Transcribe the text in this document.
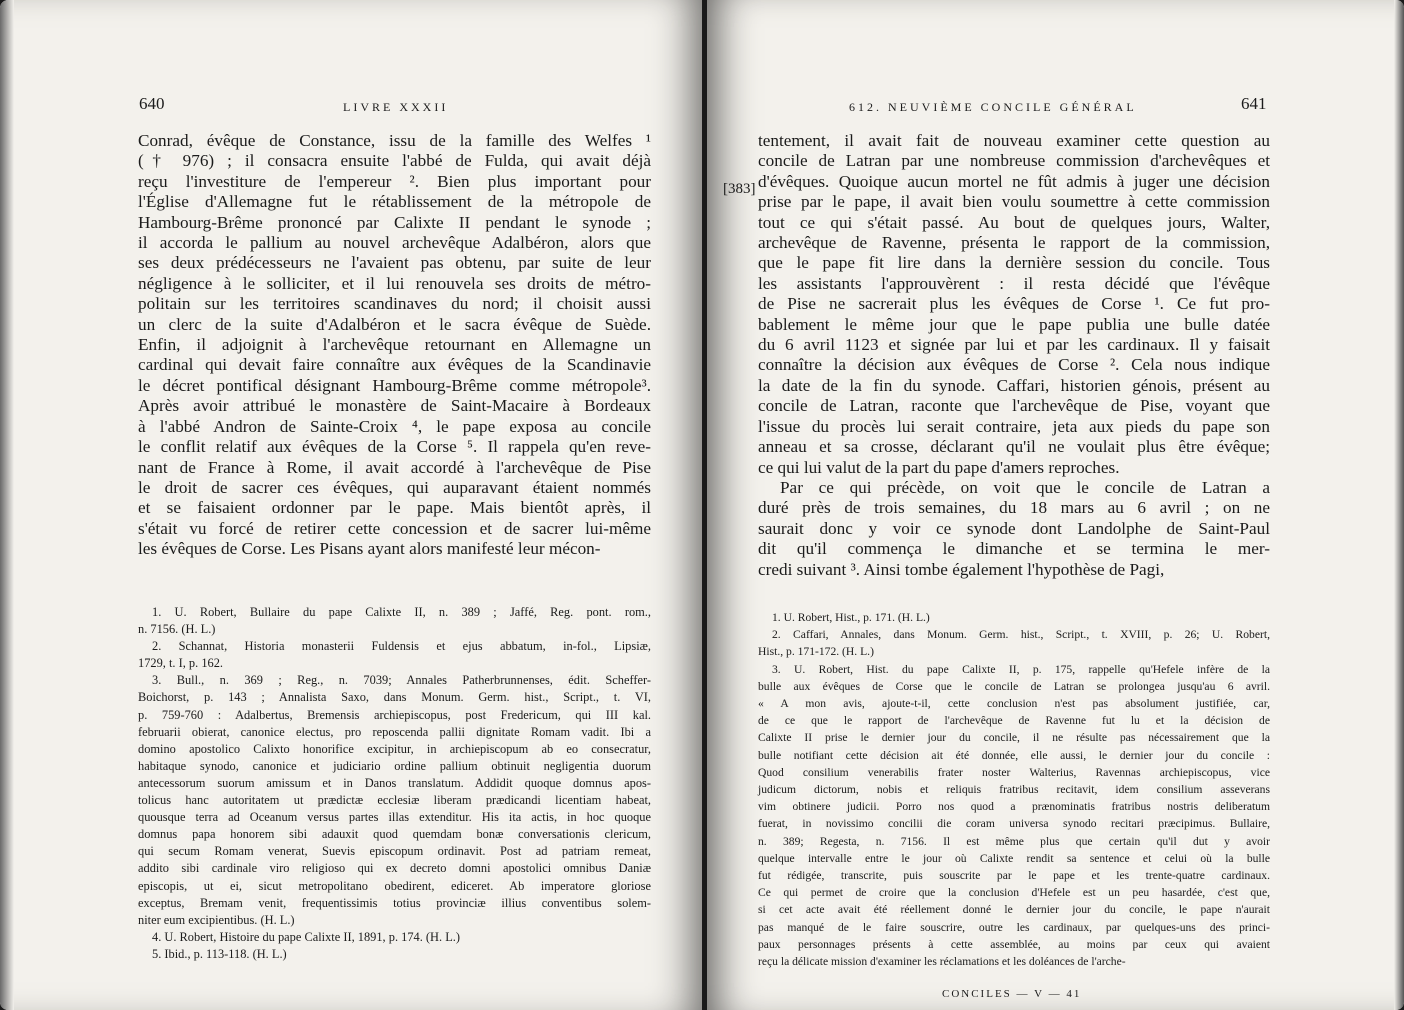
640	LIVRE XXXII
Conrad, évêque de Constance, issu de la famille des Welfes ¹
(† 976) ; il consacra ensuite l'abbé de Fulda, qui avait déjà
reçu l'investiture de l'empereur ². Bien plus important pour
l'Église d'Allemagne fut le rétablissement de la métropole de
Hambourg-Brême prononcé par Calixte II pendant le synode ;
il accorda le pallium au nouvel archevêque Adalbéron, alors que
ses deux prédécesseurs ne l'avaient pas obtenu, par suite de leur
négligence à le solliciter, et il lui renouvela ses droits de métro-
politain sur les territoires scandinaves du nord; il choisit aussi
un clerc de la suite d'Adalbéron et le sacra évêque de Suède.
Enfin, il adjoignit à l'archevêque retournant en Allemagne un
cardinal qui devait faire connaître aux évêques de la Scandinavie
le décret pontifical désignant Hambourg-Brême comme métropole³.
Après avoir attribué le monastère de Saint-Macaire à Bordeaux
à l'abbé Andron de Sainte-Croix ⁴, le pape exposa au concile
le conflit relatif aux évêques de la Corse ⁵. Il rappela qu'en reve-
nant de France à Rome, il avait accordé à l'archevêque de Pise
le droit de sacrer ces évêques, qui auparavant étaient nommés
et se faisaient ordonner par le pape. Mais bientôt après, il
s'était vu forcé de retirer cette concession et de sacrer lui-même
les évêques de Corse. Les Pisans ayant alors manifesté leur mécon-
1. U. Robert, Bullaire du pape Calixte II, n. 389 ; Jaffé, Reg. pont. rom.,
n. 7156. (H. L.)
2. Schannat, Historia monasterii Fuldensis et ejus abbatum, in-fol., Lipsiæ,
1729, t. I, p. 162.
3. Bull., n. 369 ; Reg., n. 7039; Annales Patherbrunnenses, édit. Scheffer-
Boichorst, p. 143 ; Annalista Saxo, dans Monum. Germ. hist., Script., t. VI,
p. 759-760 : Adalbertus, Bremensis archiepiscopus, post Fredericum, qui III kal.
februarii obierat, canonice electus, pro reposcenda pallii dignitate Romam vadit. Ibi a
domino apostolico Calixto honorifice excipitur, in archiepiscopum ab eo consecratur,
habitaque synodo, canonice et judiciario ordine pallium obtinuit negligentia duorum
antecessorum suorum amissum et in Danos translatum. Addidit quoque domnus apos-
tolicus hanc autoritatem ut prædictæ ecclesiæ liberam prædicandi licentiam habeat,
quousque terra ad Oceanum versus partes illas extenditur. His ita actis, in hoc quoque
domnus papa honorem sibi adauxit quod quemdam bonæ conversationis clericum,
qui secum Romam venerat, Suevis episcopum ordinavit. Post ad patriam remeat,
addito sibi cardinale viro religioso qui ex decreto domni apostolici omnibus Daniæ
episcopis, ut ei, sicut metropolitano obedirent, ediceret. Ab imperatore gloriose
exceptus, Bremam venit, frequentissimis totius provinciæ illius conventibus solem-
niter eum excipientibus. (H. L.)
4. U. Robert, Histoire du pape Calixte II, 1891, p. 174. (H. L.)
5. Ibid., p. 113-118. (H. L.)
612. NEUVIÈME CONCILE GÉNÉRAL	641
[383]
tentement, il avait fait de nouveau examiner cette question au
concile de Latran par une nombreuse commission d'archevêques et
d'évêques. Quoique aucun mortel ne fût admis à juger une décision
prise par le pape, il avait bien voulu soumettre à cette commission
tout ce qui s'était passé. Au bout de quelques jours, Walter,
archevêque de Ravenne, présenta le rapport de la commission,
que le pape fit lire dans la dernière session du concile. Tous
les assistants l'approuvèrent : il resta décidé que l'évêque
de Pise ne sacrerait plus les évêques de Corse ¹. Ce fut pro-
bablement le même jour que le pape publia une bulle datée
du 6 avril 1123 et signée par lui et par les cardinaux. Il y faisait
connaître la décision aux évêques de Corse ². Cela nous indique
la date de la fin du synode. Caffari, historien génois, présent au
concile de Latran, raconte que l'archevêque de Pise, voyant que
l'issue du procès lui serait contraire, jeta aux pieds du pape son
anneau et sa crosse, déclarant qu'il ne voulait plus être évêque;
ce qui lui valut de la part du pape d'amers reproches.
Par ce qui précède, on voit que le concile de Latran a
duré près de trois semaines, du 18 mars au 6 avril ; on ne
saurait donc y voir ce synode dont Landolphe de Saint-Paul
dit qu'il commença le dimanche et se termina le mer-
credi suivant ³. Ainsi tombe également l'hypothèse de Pagi,
1. U. Robert, Hist., p. 171. (H. L.)
2. Caffari, Annales, dans Monum. Germ. hist., Script., t. XVIII, p. 26; U. Robert,
Hist., p. 171-172. (H. L.)
3. U. Robert, Hist. du pape Calixte II, p. 175, rappelle qu'Hefele infère de la
bulle aux évêques de Corse que le concile de Latran se prolongea jusqu'au 6 avril.
« A mon avis, ajoute-t-il, cette conclusion n'est pas absolument justifiée, car,
de ce que le rapport de l'archevêque de Ravenne fut lu et la décision de
Calixte II prise le dernier jour du concile, il ne résulte pas nécessairement que la
bulle notifiant cette décision ait été donnée, elle aussi, le dernier jour du concile :
Quod consilium venerabilis frater noster Walterius, Ravennas archiepiscopus, vice
judicum dictorum, nobis et reliquis fratribus recitavit, idem consilium asseverans
vim obtinere judicii. Porro nos quod a prænominatis fratribus nostris deliberatum
fuerat, in novissimo concilii die coram universa synodo recitari præcipimus. Bullaire,
n. 389; Regesta, n. 7156. Il est même plus que certain qu'il dut y avoir
quelque intervalle entre le jour où Calixte rendit sa sentence et celui où la bulle
fut rédigée, transcrite, puis souscrite par le pape et les trente-quatre cardinaux.
Ce qui permet de croire que la conclusion d'Hefele est un peu hasardée, c'est que,
si cet acte avait été réellement donné le dernier jour du concile, le pape n'aurait
pas manqué de le faire souscrire, outre les cardinaux, par quelques-uns des princi-
paux personnages présents à cette assemblée, au moins par ceux qui avaient
reçu la délicate mission d'examiner les réclamations et les doléances de l'arche-
CONCILES — V — 41
